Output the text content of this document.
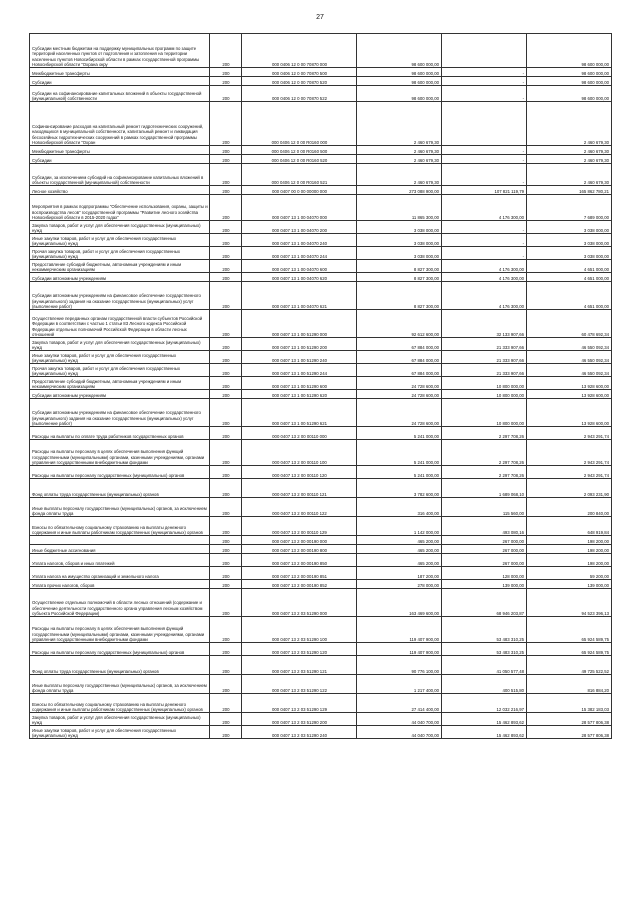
27
Субсидии местным бюджетам на поддержку муниципальных программ по защите территорий населенных пунктов от подтопления и затопления на территории населенных пунктов Новосибирской области в рамках государственной программы Новосибирской области "Охрана окру	200	000 0406 12 0 00 70870 000	98 600 000,00		98 600 000,00
Межбюджетные трансферты	200	000 0406 12 0 00 70870 500	98 600 000,00	-	98 600 000,00
Субсидии	200	000 0406 12 0 00 70870 520	98 600 000,00	-	98 600 000,00
Субсидии на софинансирование капитальных вложений в объекты государственной (муниципальной) собственности	200	000 0406 12 0 00 70870 522	98 600 000,00	-	98 600 000,00
Софинансирование расходов на капитальный ремонт гидротехнических сооружений, находящихся в муниципальной собственности, капитальный ремонт и ликвидация бесхозяйных гидротехнических сооружений в рамках государственной программы Новосибирской области "Охран	200	000 0406 12 0 00 R0160 000	2 460 679,30		2 460 679,30
Межбюджетные трансферты	200	000 0406 12 0 00 R0160 500	2 460 679,30	-	2 460 679,30
Субсидии	200	000 0406 12 0 00 R0160 520	2 460 679,30	-	2 460 679,30
Субсидии, за исключением субсидий на софинансирование капитальных вложений в объекты государственной (муниципальной) собственности	200	000 0406 12 0 00 R0160 521	2 460 679,30	-	2 460 679,30
Лесное хозяйство	200	000 0407 00 0 00 00000 000	273 088 900,00	107 821 119,79	165 862 780,21
Мероприятия в рамках подпрограммы "Обеспечение использования, охраны, защиты и воспроизводства лесов" государственной программы "Развитие лесного хозяйства Новосибирской области в 2015-2020 годах"	200	000 0407 13 1 00 04070 000	11 865 300,00	4 176 300,00	7 689 000,00
Закупка товаров, работ и услуг для обеспечения государственных (муниципальных) нужд	200	000 0407 13 1 00 04070 200	3 038 000,00	-	3 038 000,00
Иные закупки товаров, работ и услуг для обеспечения государственных (муниципальных) нужд	200	000 0407 13 1 00 04070 240	3 038 000,00	-	3 038 000,00
Прочая закупка товаров, работ и услуг для обеспечения государственных (муниципальных) нужд	200	000 0407 13 1 00 04070 244	3 038 000,00	-	3 038 000,00
Предоставление субсидий бюджетным, автономным учреждениям и иным некоммерческим организациям	200	000 0407 13 1 00 04070 600	8 827 300,00	4 176 300,00	4 651 000,00
Субсидии автономным учреждениям	200	000 0407 13 1 00 04070 620	8 827 300,00	4 176 300,00	4 651 000,00
Субсидии автономным учреждениям на финансовое обеспечение государственного (муниципального) задания на оказание государственных (муниципальных) услуг (выполнение работ)	200	000 0407 13 1 00 04070 621	8 827 300,00	4 176 300,00	4 651 000,00
Осуществление переданных органам государственной власти субъектов Российской Федерации в соответствии с частью 1 статьи 83 Лесного кодекса Российской Федерации отдельных полномочий Российской Федерации в области лесных отношений	200	000 0407 13 1 00 51290 000	92 612 600,00	32 133 907,66	60 478 692,34
Закупка товаров, работ и услуг для обеспечения государственных (муниципальных) нужд	200	000 0407 13 1 00 51290 200	67 884 000,00	21 333 907,66	46 550 092,34
Иные закупки товаров, работ и услуг для обеспечения государственных (муниципальных) нужд	200	000 0407 13 1 00 51290 240	67 884 000,00	21 333 907,66	46 550 092,34
Прочая закупка товаров, работ и услуг для обеспечения государственных (муниципальных) нужд	200	000 0407 13 1 00 51290 244	67 884 000,00	21 333 907,66	46 550 092,34
Предоставление субсидий бюджетным, автономным учреждениям и иным некоммерческим организациям	200	000 0407 13 1 00 51290 600	24 728 600,00	10 800 000,00	13 928 600,00
Субсидии автономным учреждениям	200	000 0407 13 1 00 51290 620	24 728 600,00	10 800 000,00	13 928 600,00
Субсидии автономным учреждениям на финансовое обеспечение государственного (муниципального) задания на оказание государственных (муниципальных) услуг (выполнение работ)	200	000 0407 13 1 00 51290 621	24 728 600,00	10 800 000,00	13 928 600,00
Расходы на выплаты по оплате труда работников государственных органов	200	000 0407 13 2 00 00110 000	5 241 000,00	2 297 708,26	2 943 291,74
Расходы на выплаты персоналу в целях обеспечения выполнения функций государственными (муниципальными) органами, казенными учреждениями, органами управления государственными внебюджетными фондами	200	000 0407 13 2 00 00110 100	5 241 000,00	2 297 708,26	2 943 291,74
Расходы на выплаты персоналу государственных (муниципальных) органов	200	000 0407 13 2 00 00110 120	5 241 000,00	2 297 708,26	2 943 291,74
Фонд оплаты труда государственных (муниципальных) органов	200	000 0407 13 2 00 00110 121	3 782 600,00	1 689 068,10	2 093 231,90
Иные выплаты персоналу государственных (муниципальных) органов, за исключением фонда оплаты труда	200	000 0407 13 2 00 00110 122	316 400,00	115 560,00	200 840,00
Взносы по обязательному социальному страхованию на выплаты денежного содержания и иные выплаты работникам государственных (муниципальных) органов	200	000 0407 13 2 00 00110 129	1 142 000,00	493 080,16	648 919,84
	200	000 0407 13 2 00 00190 000	465 200,00	267 000,00	198 200,00
Иные бюджетные ассигнования	200	000 0407 13 2 00 00190 800	465 200,00	267 000,00	198 200,00
Уплата налогов, сборов и иных платежей	200	000 0407 13 2 00 00190 850	465 200,00	267 000,00	198 200,00
Уплата налога на имущество организаций и земельного налога	200	000 0407 13 2 00 00190 851	187 200,00	128 000,00	59 200,00
Уплата прочих налогов, сборов	200	000 0407 13 2 00 00190 852	278 000,00	139 000,00	139 000,00
Осуществление отдельных полномочий в области лесных отношений (содержание и обеспечение деятельности государственного органа управления лесным хозяйством субъекта Российской Федерации)	200	000 0407 13 2 03 51290 000	163 469 600,00	68 946 203,87	94 523 396,13
Расходы на выплаты персоналу в целях обеспечения выполнения функций государственными (муниципальными) органами, казенными учреждениями, органами управления государственными внебюджетными фондами	200	000 0407 13 2 03 51290 100	119 407 900,00	53 483 310,25	65 924 589,75
Расходы на выплаты персоналу государственных (муниципальных) органов	200	000 0407 13 2 03 51290 120	119 407 900,00	53 483 310,25	65 924 589,75
Фонд оплаты труда государственных (муниципальных) органов	200	000 0407 13 2 03 51290 121	90 776 100,00	41 050 577,48	49 725 522,52
Иные выплаты персоналу государственных (муниципальных) органов, за исключением фонда оплаты труда	200	000 0407 13 2 03 51290 122	1 217 400,00	400 515,80	816 884,20
Взносы по обязательному социальному страхованию на выплаты денежного содержания и иные выплаты работникам государственных (муниципальных) органов	200	000 0407 13 2 03 51290 129	27 414 400,00	12 032 216,97	15 382 183,03
Закупка товаров, работ и услуг для обеспечения государственных (муниципальных) нужд	200	000 0407 13 2 03 51290 200	44 040 700,00	15 462 893,62	28 577 806,38
Иные закупки товаров, работ и услуг для обеспечения государственных (муниципальных) нужд	200	000 0407 13 2 03 51290 240	44 040 700,00	15 462 893,62	28 577 806,38
